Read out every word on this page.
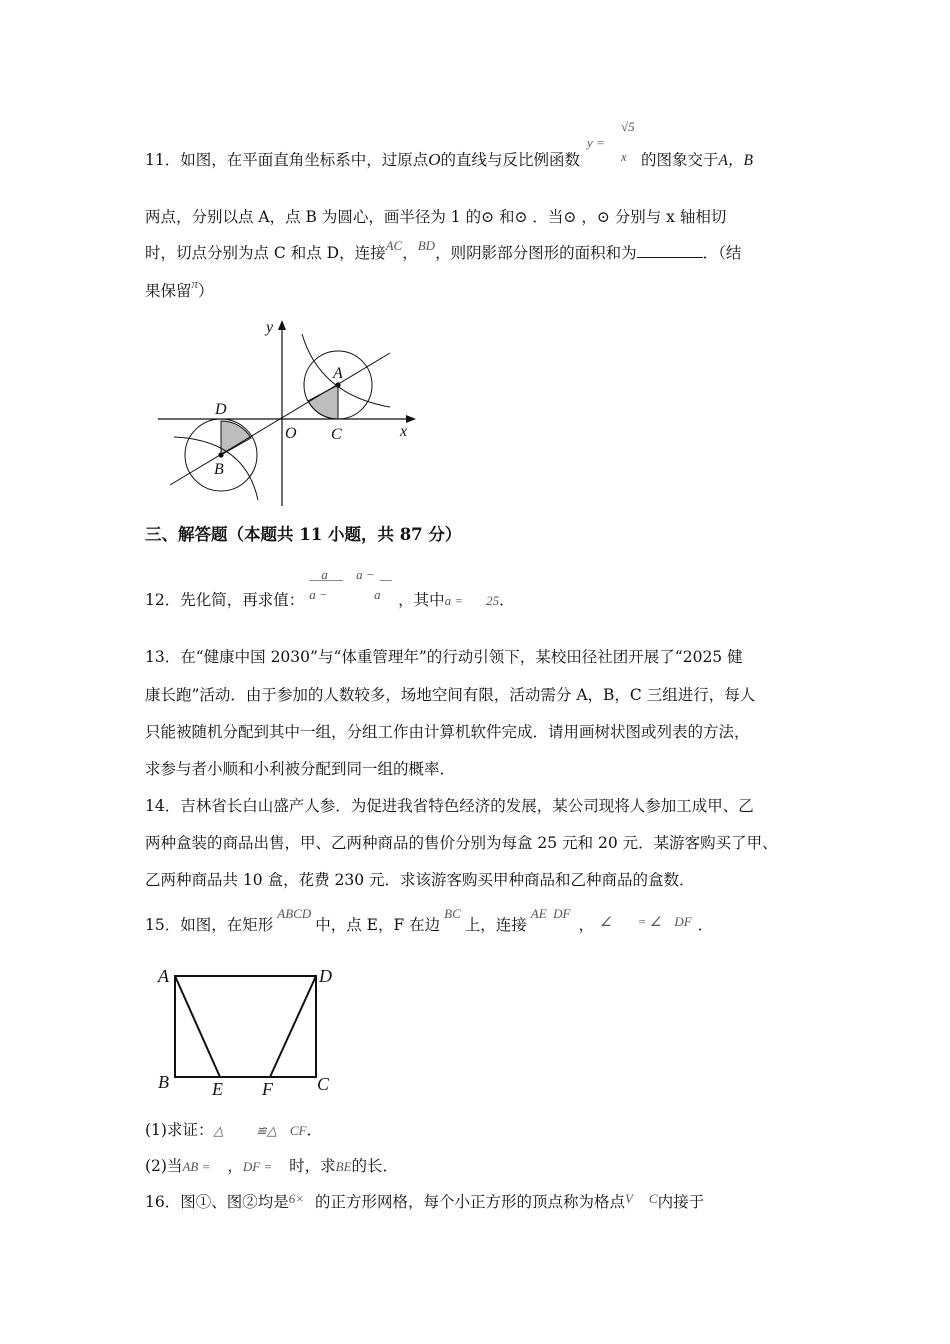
11．如图，在平面直角坐标系中，过原点O的直线与反比例函数
y =
√5
x 的图象交于A，B
两点，分别以点 A，点 B 为圆心，画半径为 1 的⊙ 和⊙ ．当⊙ ，⊙ 分别与 x 轴相切
时，切点分别为点 C 和点 D，连接$^{AC}$，$^{BD}$，则阴影部分图形的面积和为	．（结
果保留$^\pi$）
y
x
O
A
C
D
B
三、解答题（本题共 11 小题，共 87 分）
12．先化简，再求值： $\frac{a}{a -}$

a −
a ，其中a = 25．
13．在“健康中国 2030”与“体重管理年”的行动引领下，某校田径社团开展了“2025 健
康长跑”活动．由于参加的人数较多，场地空间有限，活动需分 A，B，C 三组进行，每人
只能被随机分配到其中一组，分组工作由计算机软件完成．请用画树状图或列表的方法，
求参与者小顺和小利被分配到同一组的概率．
14．吉林省长白山盛产人参．为促进我省特色经济的发展，某公司现将人参加工成甲、乙
两种盒装的商品出售，甲、乙两种商品的售价分别为每盒 25 元和 20 元．某游客购买了甲、
乙两种商品共 10 盒，花费 230 元．求该游客购买甲种商品和乙种商品的盒数．
15．如图，在矩形$^{ABCD}$中，点 E，F 在边$^{BC}$上，连接$^{AE DF}$， $^{\angle = \angle DF}$ ．
A	D
B E F C
(1)求证：△          ≌△    CF．
(2)当AB = ，DF = 时，求BE的长．
16．图①、图②均是$^{6\times}$ 的正方形网格，每个小正方形的顶点称为格点$^{V C}$内接于
